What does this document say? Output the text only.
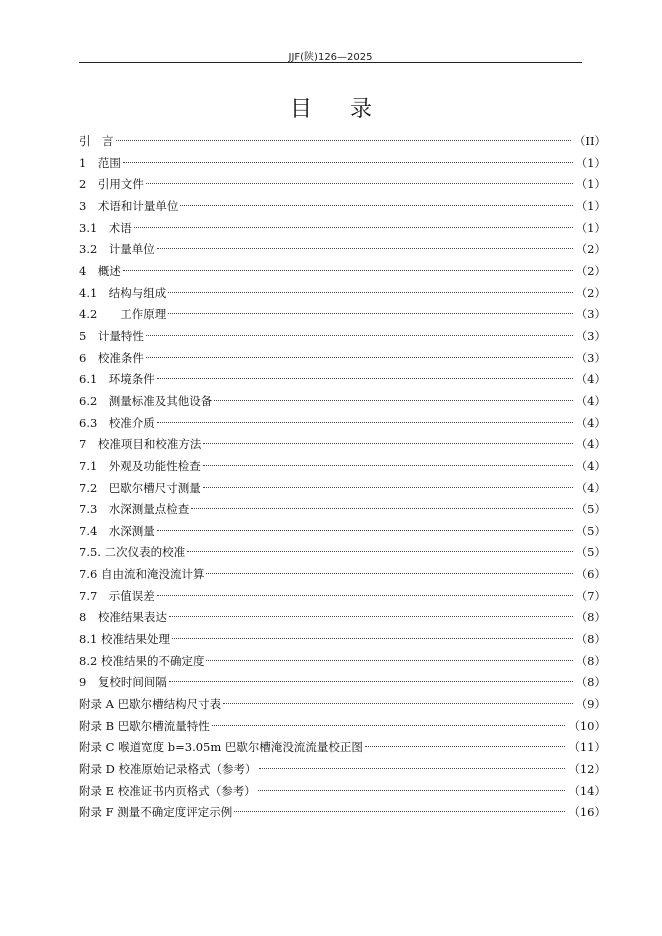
JJF(陕)126—2025
目录
引　言	（II）
1　范围	（1）
2　引用文件	（1）
3　术语和计量单位	（1）
3.1　术语	（1）
3.2　计量单位	（2）
4　概述	（2）
4.1　结构与组成	（2）
4.2　　工作原理	（3）
5　计量特性	（3）
6　校准条件	（3）
6.1　环境条件	（4）
6.2　测量标准及其他设备	（4）
6.3　校准介质	（4）
7　校准项目和校准方法	（4）
7.1　外观及功能性检查	（4）
7.2　巴歇尔槽尺寸测量	（4）
7.3　水深测量点检查	（5）
7.4　水深测量	（5）
7.5. 二次仪表的校准	（5）
7.6 自由流和淹没流计算	（6）
7.7　示值误差	（7）
8　校准结果表达	（8）
8.1 校准结果处理	（8）
8.2 校准结果的不确定度	（8）
9　复校时间间隔	（8）
附录 A 巴歇尔槽结构尺寸表	（9）
附录 B 巴歇尔槽流量特性	（10）
附录 C 喉道宽度 b=3.05m 巴歇尔槽淹没流流量校正图	（11）
附录 D 校准原始记录格式（参考）	（12）
附录 E 校准证书内页格式（参考）	（14）
附录 F 测量不确定度评定示例	（16）
